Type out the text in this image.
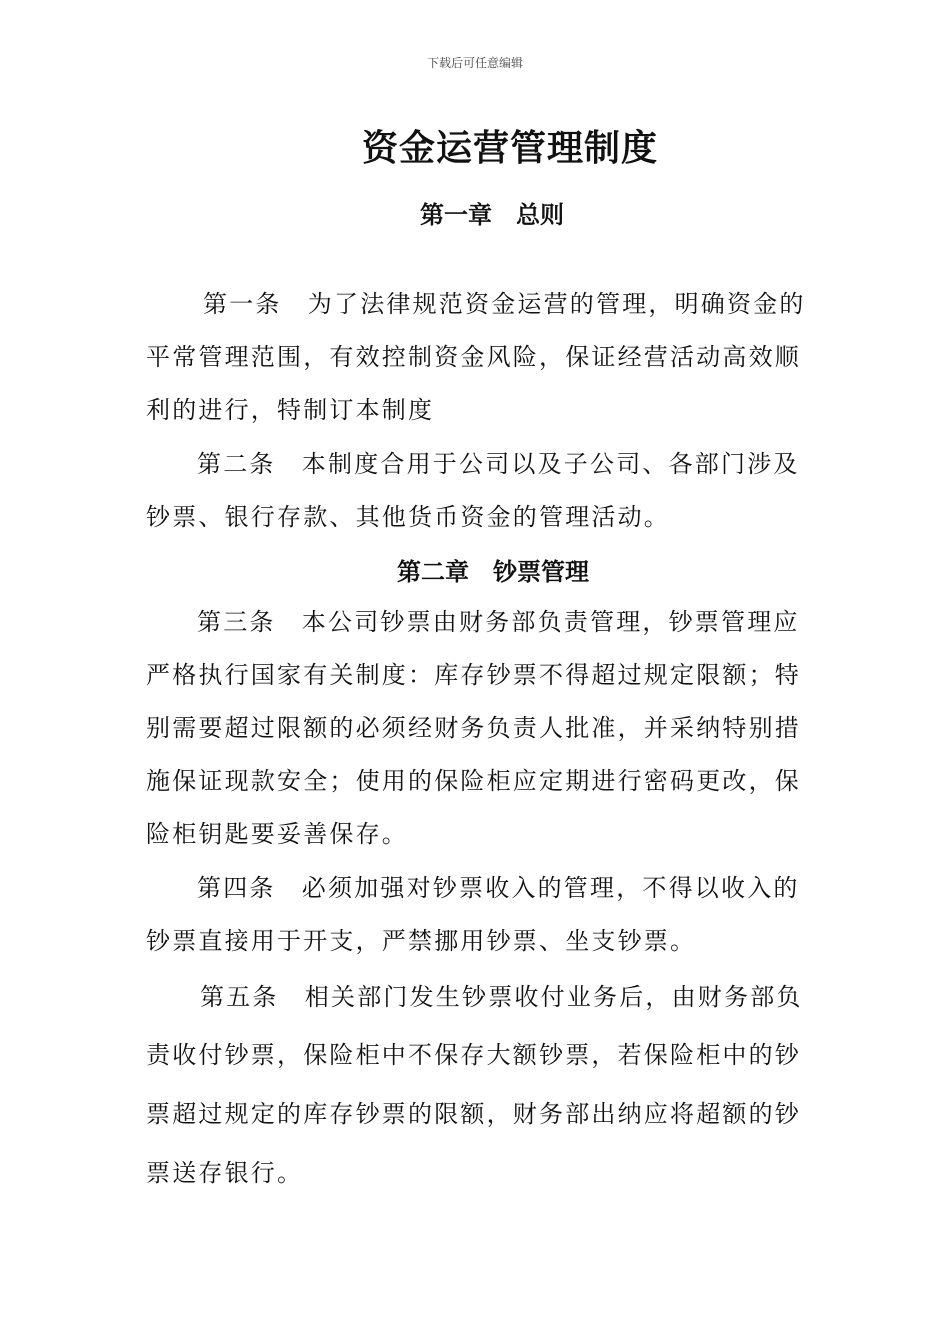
下载后可任意编辑
资金运营管理制度
第一章　总则
第一条　为了法律规范资金运营的管理，明确资金的
平常管理范围，有效控制资金风险，保证经营活动高效顺
利的进行，特制订本制度
第二条　本制度合用于公司以及子公司、各部门涉及
钞票、银行存款、其他货币资金的管理活动。
第二章　钞票管理
第三条　本公司钞票由财务部负责管理，钞票管理应
严格执行国家有关制度：库存钞票不得超过规定限额；特
别需要超过限额的必须经财务负责人批准，并采纳特别措
施保证现款安全；使用的保险柜应定期进行密码更改，保
险柜钥匙要妥善保存。
第四条　必须加强对钞票收入的管理，不得以收入的
钞票直接用于开支，严禁挪用钞票、坐支钞票。
第五条　相关部门发生钞票收付业务后，由财务部负
责收付钞票，保险柜中不保存大额钞票，若保险柜中的钞
票超过规定的库存钞票的限额，财务部出纳应将超额的钞
票送存银行。
